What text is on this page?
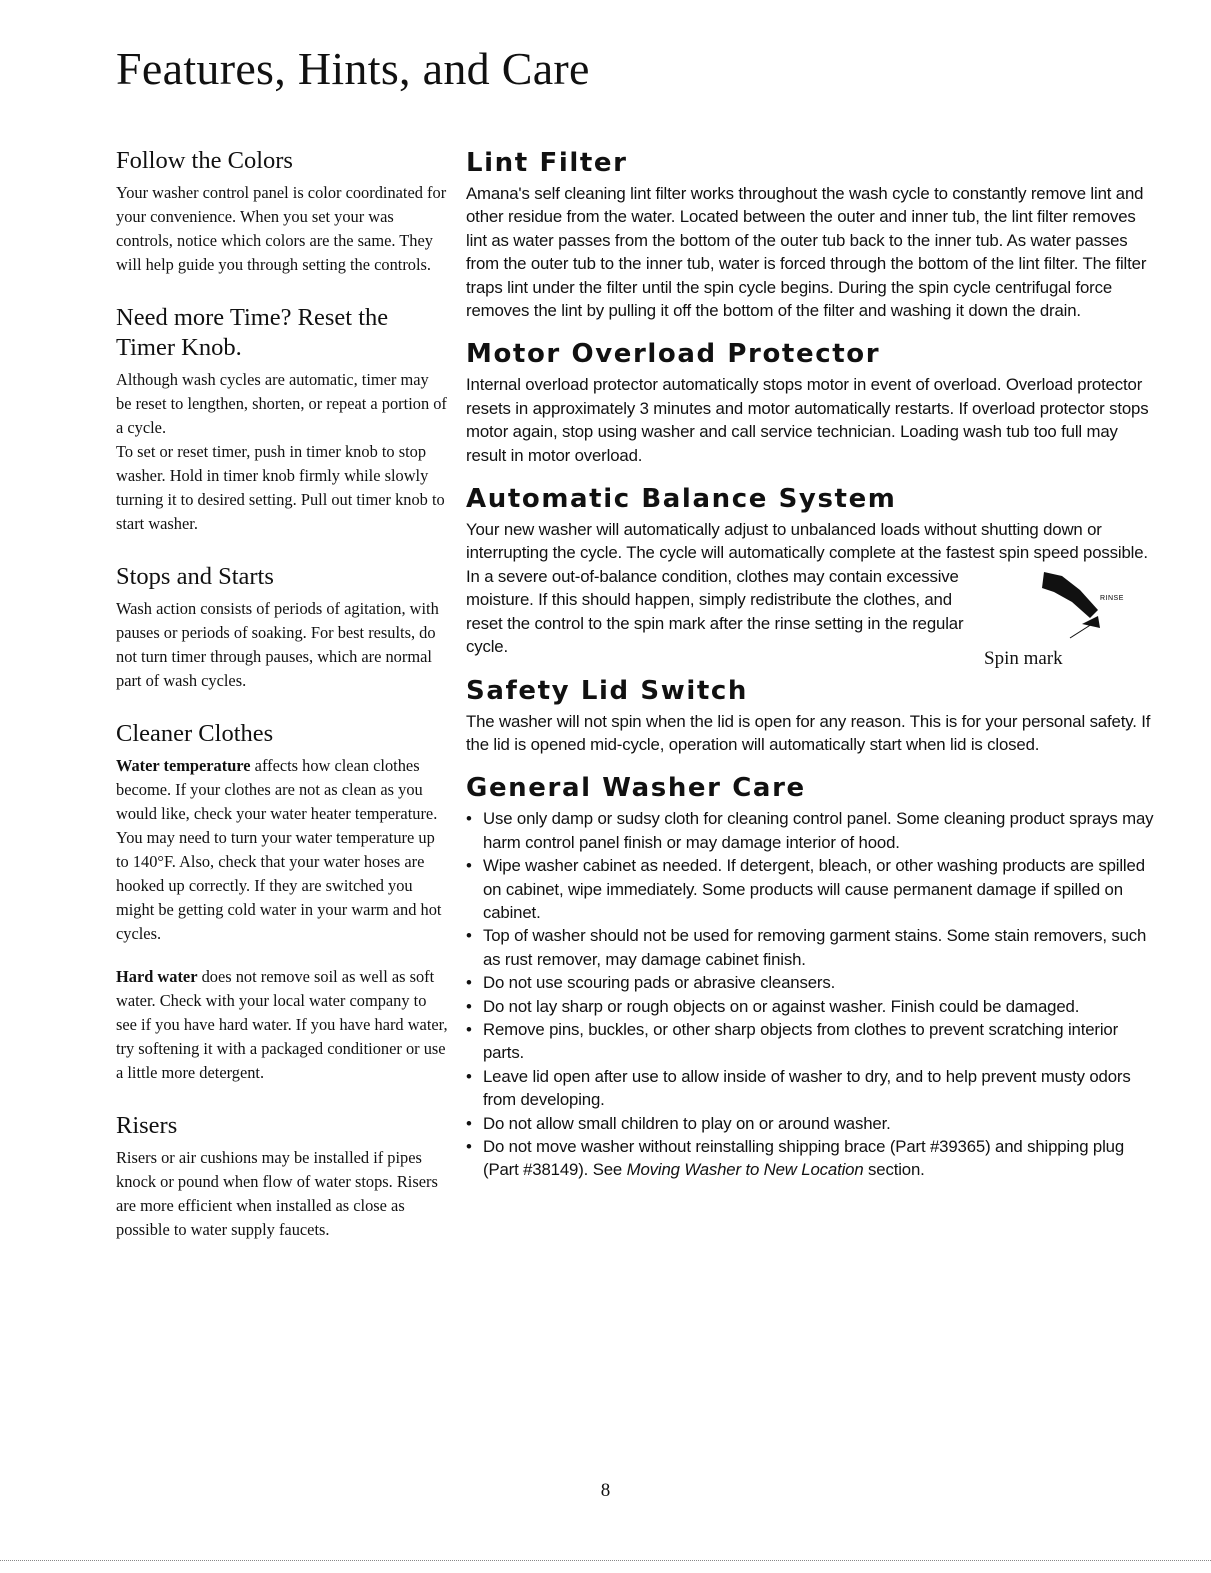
Features, Hints, and Care
Follow the Colors

Your washer control panel is color coordinated for your convenience. When you set your was controls, notice which colors are the same. They will help guide you through setting the controls.

Need more Time? Reset the Timer Knob.

Although wash cycles are automatic, timer may be reset to lengthen, shorten, or repeat a portion of a cycle.

To set or reset timer, push in timer knob to stop washer. Hold in timer knob firmly while slowly turning it to desired setting. Pull out timer knob to start washer.

Stops and Starts

Wash action consists of periods of agitation, with pauses or periods of soaking. For best results, do not turn timer through pauses, which are normal part of wash cycles.

Cleaner Clothes

Water temperature affects how clean clothes become. If your clothes are not as clean as you would like, check your water heater temperature. You may need to turn your water temperature up to 140°F. Also, check that your water hoses are hooked up correctly. If they are switched you might be getting cold water in your warm and hot cycles.

Hard water does not remove soil as well as soft water. Check with your local water company to see if you have hard water. If you have hard water, try softening it with a packaged conditioner or use a little more detergent.

Risers

Risers or air cushions may be installed if pipes knock or pound when flow of water stops. Risers are more efficient when installed as close as possible to water supply faucets.

Lint Filter

Amana's self cleaning lint filter works throughout the wash cycle to constantly remove lint and other residue from the water. Located between the outer and inner tub, the lint filter removes lint as water passes from the bottom of the outer tub back to the inner tub. As water passes from the outer tub to the inner tub, water is forced through the bottom of the lint filter. The filter traps lint under the filter until the spin cycle begins. During the spin cycle centrifugal force removes the lint by pulling it off the bottom of the filter and washing it down the drain.

Motor Overload Protector

Internal overload protector automatically stops motor in event of overload. Overload protector resets in approximately 3 minutes and motor automatically restarts. If overload protector stops motor again, stop using washer and call service technician. Loading wash tub too full may result in motor overload.

Automatic Balance System

Your new washer will automatically adjust to unbalanced loads without shutting down or interrupting the cycle. The cycle will automatically complete at the fastest spin speed possible.

In a severe out-of-balance condition, clothes may contain excessive moisture. If this should happen, simply redistribute the clothes, and reset the control to the spin mark after the rinse setting in the regular cycle.

RINSE
Spin mark
Safety Lid Switch

The washer will not spin when the lid is open for any reason. This is for your personal safety. If the lid is opened mid-cycle, operation will automatically start when lid is closed.

General Washer Care
• Use only damp or sudsy cloth for cleaning control panel. Some cleaning product sprays may harm control panel finish or may damage interior of hood.
• Wipe washer cabinet as needed. If detergent, bleach, or other washing products are spilled on cabinet, wipe immediately. Some products will cause permanent damage if spilled on cabinet.
• Top of washer should not be used for removing garment stains. Some stain removers, such as rust remover, may damage cabinet finish.
• Do not use scouring pads or abrasive cleansers.
• Do not lay sharp or rough objects on or against washer. Finish could be damaged.
• Remove pins, buckles, or other sharp objects from clothes to prevent scratching interior parts.
• Leave lid open after use to allow inside of washer to dry, and to help prevent musty odors from developing.
• Do not allow small children to play on or around washer.
• Do not move washer without reinstalling shipping brace (Part #39365) and shipping plug (Part #38149). See Moving Washer to New Location section.
8
